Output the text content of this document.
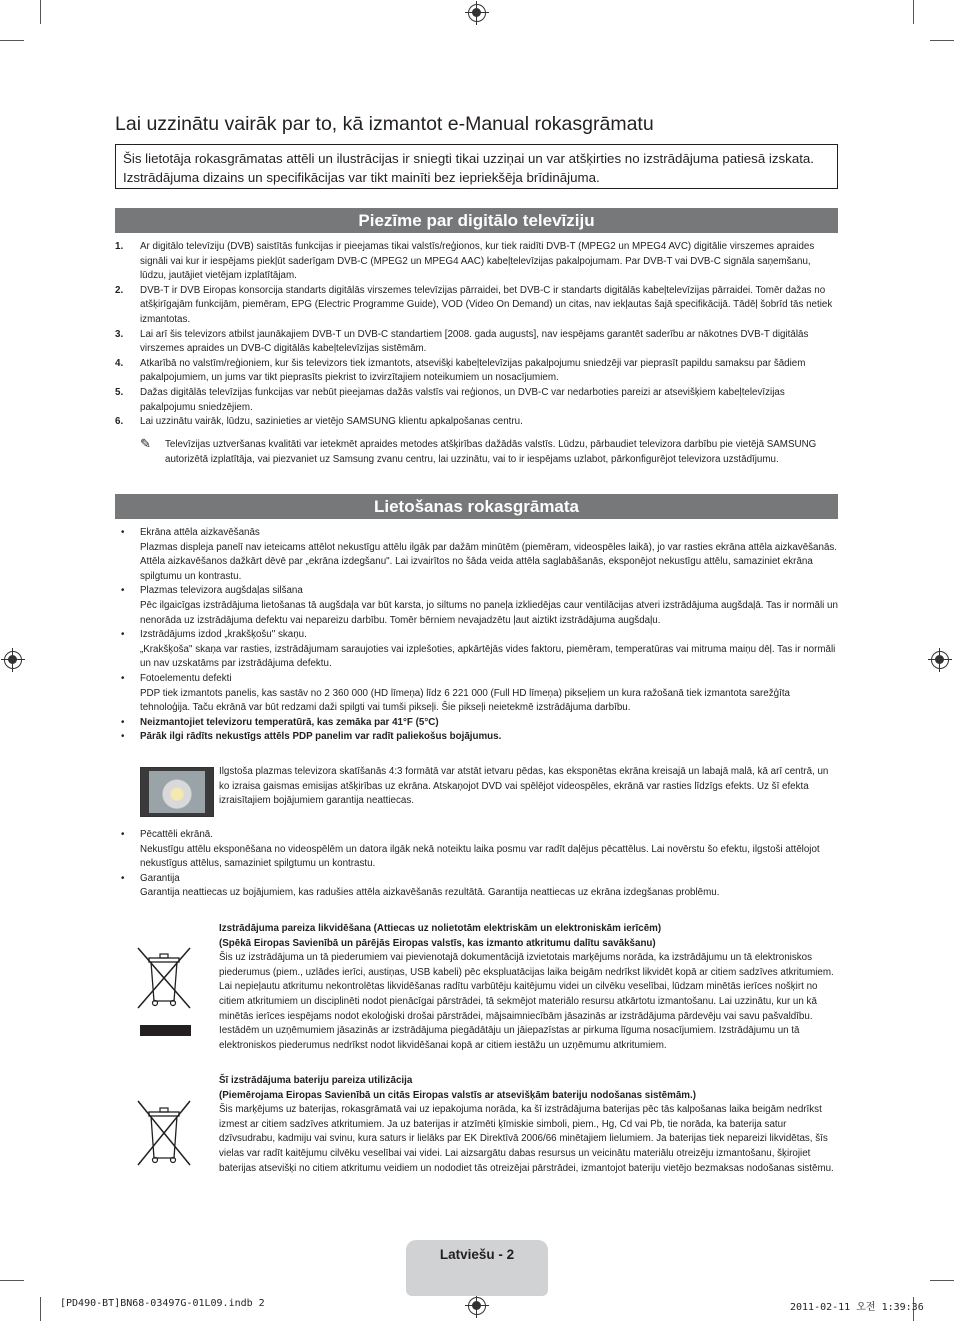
Lai uzzinātu vairāk par to, kā izmantot e-Manual rokasgrāmatu
Šis lietotāja rokasgrāmatas attēli un ilustrācijas ir sniegti tikai uzziņai un var atšķirties no izstrādājuma patiesā izskata. Izstrādājuma dizains un specifikācijas var tikt mainīti bez iepriekšēja brīdinājuma.
Piezīme par digitālo televīziju
1. Ar digitālo televīziju (DVB) saistītās funkcijas ir pieejamas tikai valstīs/reģionos, kur tiek raidīti DVB-T (MPEG2 un MPEG4 AVC) digitālie virszemes apraides signāli vai kur ir iespējams piekļūt saderīgam DVB-C (MPEG2 un MPEG4 AAC) kabeļtelevīzijas pakalpojumam. Par DVB-T vai DVB-C signāla saņemšanu, lūdzu, jautājiet vietējam izplatītājam.
2. DVB-T ir DVB Eiropas konsorcija standarts digitālās virszemes televīzijas pārraidei, bet DVB-C ir standarts digitālās kabeļtelevīzijas pārraidei. Tomēr dažas no atšķirīgajām funkcijām, piemēram, EPG (Electric Programme Guide), VOD (Video On Demand) un citas, nav iekļautas šajā specifikācijā. Tādēļ šobrīd tās netiek izmantotas.
3. Lai arī šis televizors atbilst jaunākajiem DVB-T un DVB-C standartiem [2008. gada augusts], nav iespējams garantēt saderību ar nākotnes DVB-T digitālās virszemes apraides un DVB-C digitālās kabeļtelevīzijas sistēmām.
4. Atkarībā no valstīm/reģioniem, kur šis televizors tiek izmantots, atsevišķi kabeļtelevīzijas pakalpojumu sniedzēji var pieprasīt papildu samaksu par šādiem pakalpojumiem, un jums var tikt pieprasīts piekrist to izvirzītajiem noteikumiem un nosacījumiem.
5. Dažas digitālās televīzijas funkcijas var nebūt pieejamas dažās valstīs vai reģionos, un DVB-C var nedarboties pareizi ar atsevišķiem kabeļtelevīzijas pakalpojumu sniedzējiem.
6. Lai uzzinātu vairāk, lūdzu, sazinieties ar vietējo SAMSUNG klientu apkalpošanas centru.
✎ Televīzijas uztveršanas kvalitāti var ietekmēt apraides metodes atšķirības dažādās valstīs. Lūdzu, pārbaudiet televizora darbību pie vietējā SAMSUNG autorizētā izplatītāja, vai piezvaniet uz Samsung zvanu centru, lai uzzinātu, vai to ir iespējams uzlabot, pārkonfigurējot televizora uzstādījumu.
Lietošanas rokasgrāmata
• Ekrāna attēla aizkavēšanās
Plazmas displeja panelī nav ieteicams attēlot nekustīgu attēlu ilgāk par dažām minūtēm (piemēram, videospēles laikā), jo var rasties ekrāna attēla aizkavēšanās. Attēla aizkavēšanos dažkārt dēvē par „ekrāna izdegšanu". Lai izvairītos no šāda veida attēla saglabāšanās, eksponējot nekustīgu attēlu, samaziniet ekrāna spilgtumu un kontrastu.
• Plazmas televizora augšdaļas silšana
Pēc ilgaicīgas izstrādājuma lietošanas tā augšdaļa var būt karsta, jo siltums no paneļa izkliedējas caur ventilācijas atveri izstrādājuma augšdaļā. Tas ir normāli un nenorāda uz izstrādājuma defektu vai nepareizu darbību. Tomēr bērniem nevajadzētu ļaut aiztikt izstrādājuma augšdaļu.
• Izstrādājums izdod „krakšķošu" skaņu.
„Krakšķoša" skaņa var rasties, izstrādājumam saraujoties vai izplešoties, apkārtējās vides faktoru, piemēram, temperatūras vai mitruma maiņu dēļ. Tas ir normāli un nav uzskatāms par izstrādājuma defektu.
• Fotoelementu defekti
PDP tiek izmantots panelis, kas sastāv no 2 360 000 (HD līmeņa) līdz 6 221 000 (Full HD līmeņa) pikseļiem un kura ražošanā tiek izmantota sarežģīta tehnoloģija. Taču ekrānā var būt redzami daži spilgti vai tumši pikseļi. Šie pikseļi neietekmē izstrādājuma darbību.
• Neizmantojiet televizoru temperatūrā, kas zemāka par 41°F (5°C)
• Pārāk ilgi rādīts nekustīgs attēls PDP panelim var radīt paliekošus bojājumus.
Ilgstoša plazmas televizora skatīšanās 4:3 formātā var atstāt ietvaru pēdas, kas eksponētas ekrāna kreisajā un labajā malā, kā arī centrā, un ko izraisa gaismas emisijas atšķirības uz ekrāna. Atskaņojot DVD vai spēlējot videospēles, ekrānā var rasties līdzīgs efekts. Uz šī efekta izraisītajiem bojājumiem garantija neattiecas.
• Pēcattēli ekrānā.
Nekustīgu attēlu eksponēšana no videospēlēm un datora ilgāk nekā noteiktu laika posmu var radīt daļējus pēcattēlus. Lai novērstu šo efektu, ilgstoši attēlojot nekustīgus attēlus, samaziniet spilgtumu un kontrastu.
• Garantija
Garantija neattiecas uz bojājumiem, kas radušies attēla aizkavēšanās rezultātā. Garantija neattiecas uz ekrāna izdegšanas problēmu.
Izstrādājuma pareiza likvidēšana (Attiecas uz nolietotām elektriskām un elektroniskām ierīcēm)
(Spēkā Eiropas Savienībā un pārējās Eiropas valstīs, kas izmanto atkritumu dalītu savākšanu)
Šis uz izstrādājuma un tā piederumiem vai pievienotajā dokumentācijā izvietotais marķējums norāda, ka izstrādājumu un tā elektroniskos piederumus (piem., uzlādes ierīci, austiņas, USB kabeli) pēc ekspluatācijas laika beigām nedrīkst likvidēt kopā ar citiem sadzīves atkritumiem. Lai nepieļautu atkritumu nekontrolētas likvidēšanas radītu varbūtēju kaitējumu videi un cilvēku veselībai, lūdzam minētās ierīces nošķirt no citiem atkritumiem un disciplinēti nodot pienācīgai pārstrādei, tā sekmējot materiālo resursu atkārtotu izmantošanu. Lai uzzinātu, kur un kā minētās ierīces iespējams nodot ekoloģiski drošai pārstrādei, mājsaimniecībām jāsazinās ar izstrādājuma pārdevēju vai savu pašvaldību. Iestādēm un uzņēmumiem jāsazinās ar izstrādājuma piegādātāju un jāiepazīstas ar pirkuma līguma nosacījumiem. Izstrādājumu un tā elektroniskos piederumus nedrīkst nodot likvidēšanai kopā ar citiem iestāžu un uzņēmumu atkritumiem.
Šī izstrādājuma bateriju pareiza utilizācija
(Piemērojama Eiropas Savienībā un citās Eiropas valstīs ar atsevišķām bateriju nodošanas sistēmām.)
Šis marķējums uz baterijas, rokasgrāmatā vai uz iepakojuma norāda, ka šī izstrādājuma baterijas pēc tās kalpošanas laika beigām nedrīkst izmest ar citiem sadzīves atkritumiem. Ja uz baterijas ir atzīmēti ķīmiskie simboli, piem., Hg, Cd vai Pb, tie norāda, ka baterija satur dzīvsudrabu, kadmiju vai svinu, kura saturs ir lielāks par EK Direktīvā 2006/66 minētajiem lielumiem. Ja baterijas tiek nepareizi likvidētas, šīs vielas var radīt kaitējumu cilvēku veselībai vai videi. Lai aizsargātu dabas resursus un veicinātu materiālu otreizēju izmantošanu, šķirojiet baterijas atsevišķi no citiem atkritumu veidiem un nododiet tās otreizējai pārstrādei, izmantojot bateriju vietējo bezmaksas nodošanas sistēmu.
Latviešu - 2
[PD490-BT]BN68-03497G-01L09.indb 2	2011-02-11 오전 1:39:36
